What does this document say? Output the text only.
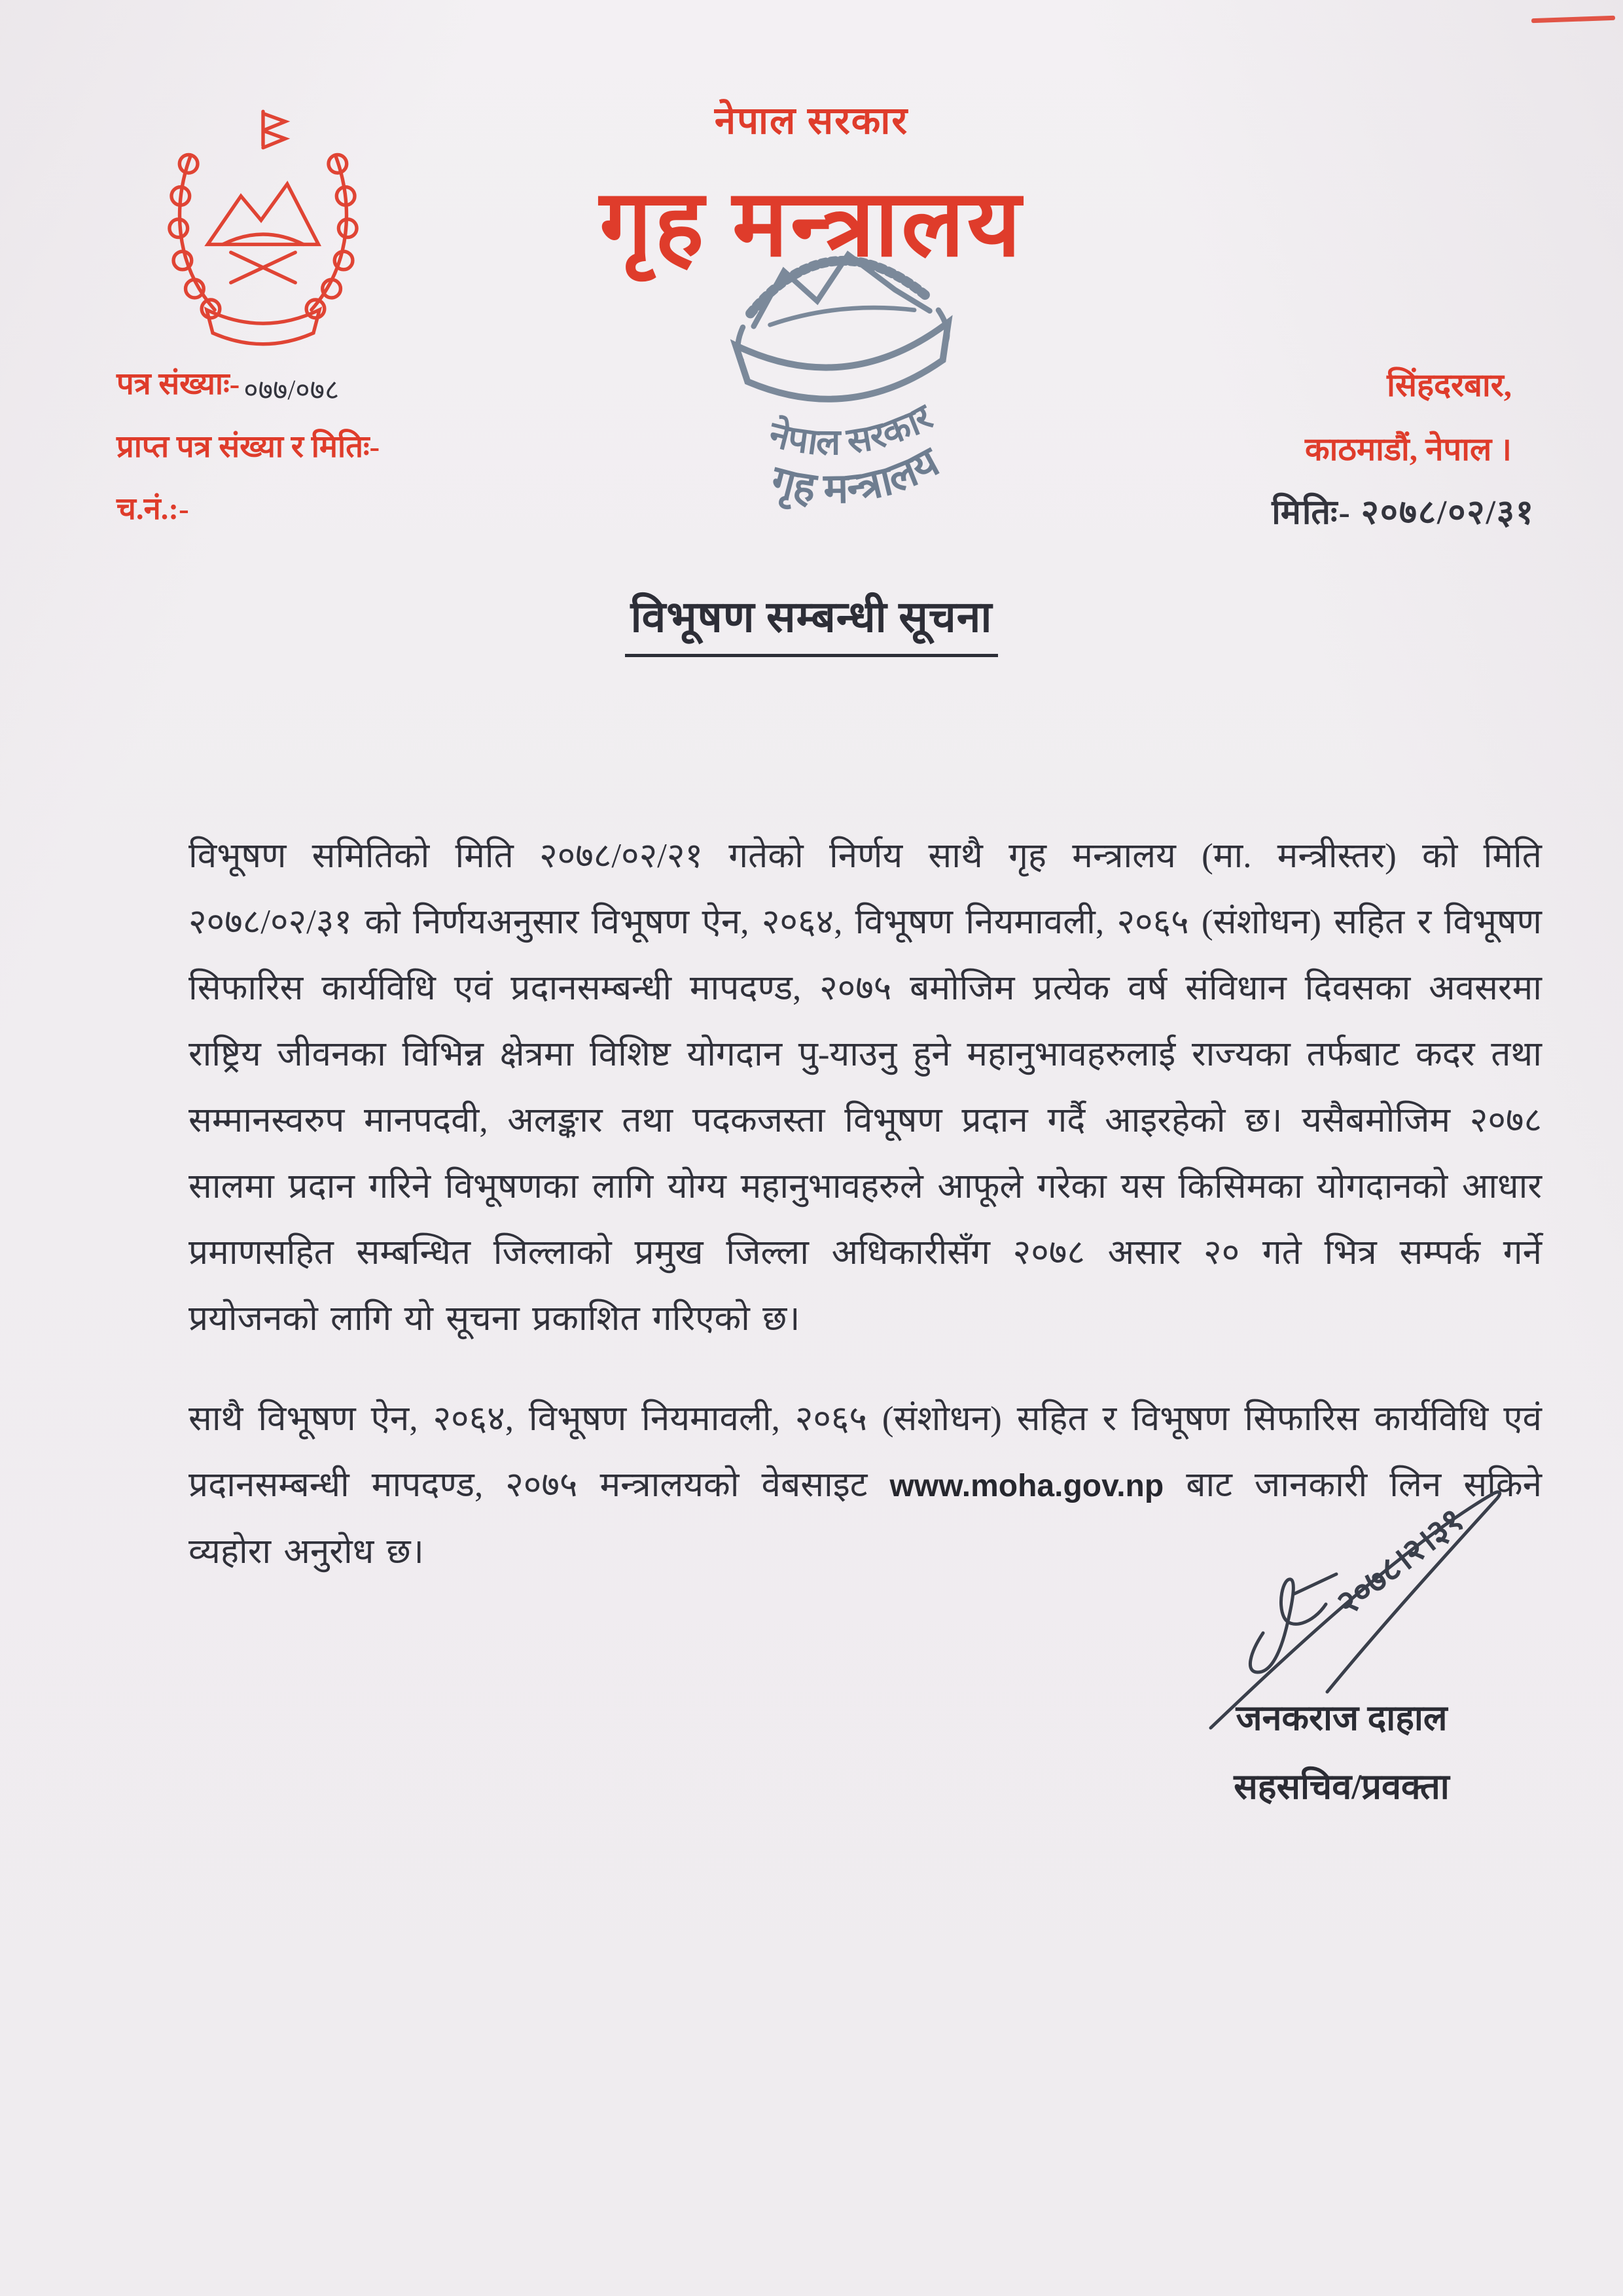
नेपाल सरकार
गृह मन्त्रालय
नेपाल सरकार
गृह मन्त्रालय
पत्र संख्याः- ०७७/०७८
प्राप्त पत्र संख्या र मितिः-
च.नं.:-
सिंहदरबार,
काठमाडौं, नेपाल ।
मितिः- २०७८/०२/३१
विभूषण सम्बन्धी सूचना
विभूषण समितिको मिति २०७८/०२/२१ गतेको निर्णय साथै गृह मन्त्रालय (मा. मन्त्रीस्तर) को मिति २०७८/०२/३१ को निर्णयअनुसार विभूषण ऐन, २०६४, विभूषण नियमावली, २०६५ (संशोधन) सहित र विभूषण सिफारिस कार्यविधि एवं प्रदानसम्बन्धी मापदण्ड, २०७५ बमोजिम प्रत्येक वर्ष संविधान दिवसका अवसरमा राष्ट्रिय जीवनका विभिन्न क्षेत्रमा विशिष्ट योगदान पु-याउनु हुने महानुभावहरुलाई राज्यका तर्फबाट कदर तथा सम्मानस्वरुप मानपदवी, अलङ्कार तथा पदकजस्ता विभूषण प्रदान गर्दै आइरहेको छ। यसैबमोजिम २०७८ सालमा प्रदान गरिने विभूषणका लागि योग्य महानुभावहरुले आफूले गरेका यस किसिमका योगदानको आधार प्रमाणसहित सम्बन्धित जिल्लाको प्रमुख जिल्ला अधिकारीसँग २०७८ असार २० गते भित्र सम्पर्क गर्ने प्रयोजनको लागि यो सूचना प्रकाशित गरिएको छ।
साथै विभूषण ऐन, २०६४, विभूषण नियमावली, २०६५ (संशोधन) सहित र विभूषण सिफारिस कार्यविधि एवं प्रदानसम्बन्धी मापदण्ड, २०७५ मन्त्रालयको वेबसाइट www.moha.gov.np बाट जानकारी लिन सकिने व्यहोरा अनुरोध छ।	२०७८।२।३१
जनकराज दाहाल
सहसचिव/प्रवक्ता
